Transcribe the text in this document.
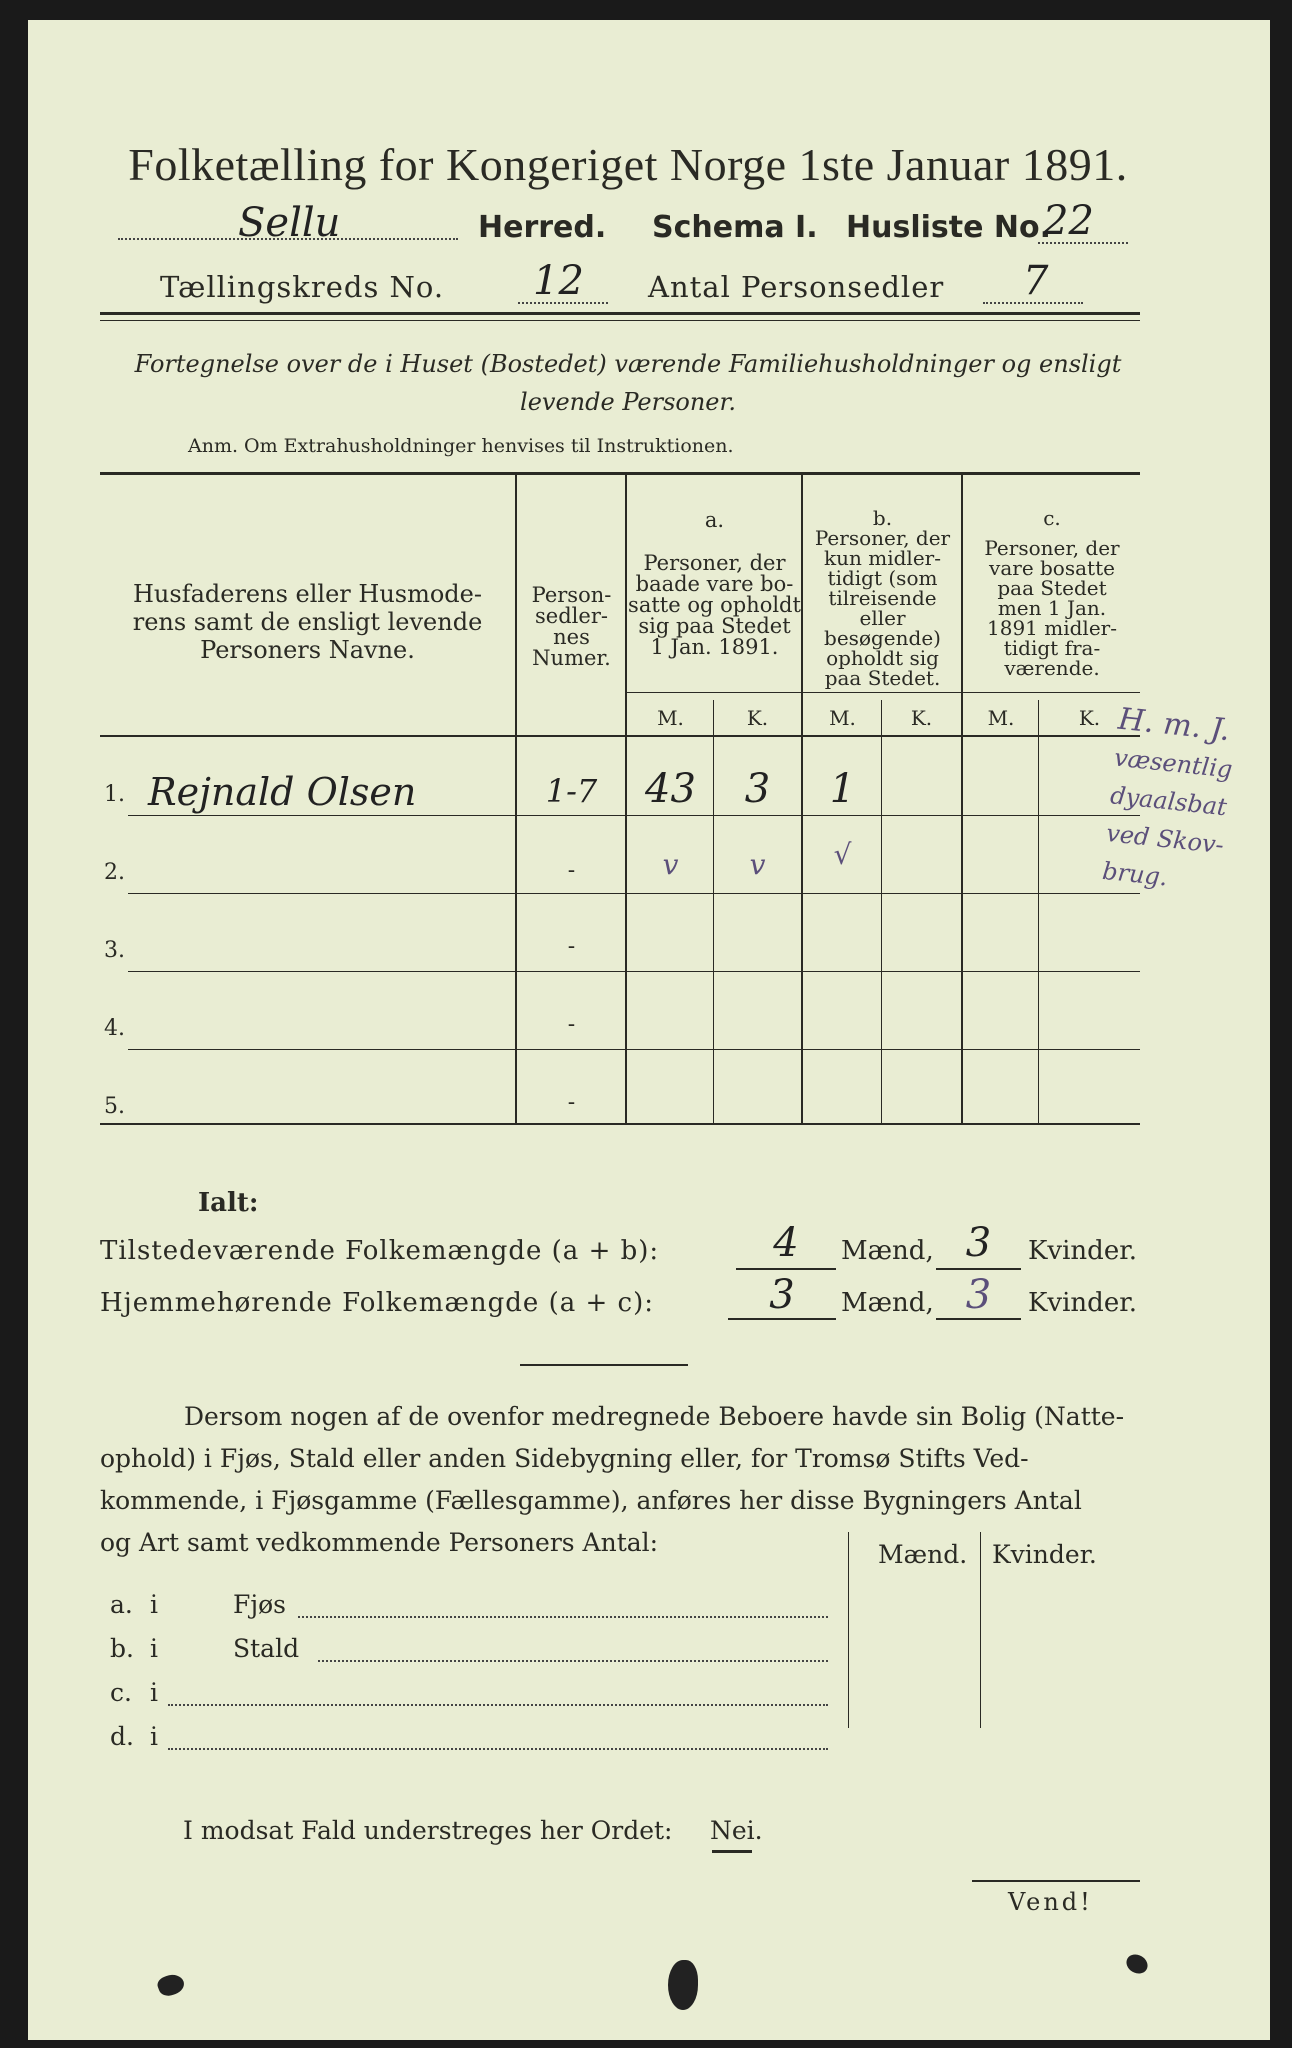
Folketælling for Kongeriget Norge 1ste Januar 1891.
Sellu	Herred. Schema I. Husliste No.
22
Tællingskreds No. 12 Antal Personsedler 7
Fortegnelse over de i Huset (Bostedet) værende Familiehusholdninger og ensligt
levende Personer.
Anm. Om Extrahusholdninger henvises til Instruktionen.
Husfaderens eller Husmode-
rens samt de ensligt levende
Personers Navne.
Person-
sedler-
nes
Numer.
a.
Personer, der
baade vare bo-
satte og opholdt
sig paa Stedet
1 Jan. 1891.
b.
Personer, der
kun midler-
tidigt (som
tilreisende
eller
besøgende)
opholdt sig
paa Stedet.
c.
Personer, der
vare bosatte
paa Stedet
men 1 Jan.
1891 midler-
tidigt fra-
værende.
M.	K.	M.	K.	M.	K.
1. Rejnald Olsen	1-7	43	3	1
2.	-	v	v	√
3.	-
4.	-
5.	-
H. m. J.
væsentlig
dyaalsbat
ved Skov-
brug.
Ialt:
Tilstedeværende Folkemængde (a + b):	4	Mænd, 3	Kvinder.
Hjemmehørende Folkemængde (a + c):	3	Mænd, 3	Kvinder.
Dersom nogen af de ovenfor medregnede Beboere havde sin Bolig (Natte-
ophold) i Fjøs, Stald eller anden Sidebygning eller, for Tromsø Stifts Ved-
kommende, i Fjøsgamme (Fællesgamme), anføres her disse Bygningers Antal
og Art samt vedkommende Personers Antal:	Mænd. Kvinder.
a. i	Fjøs
b. i	Stald
c. i
d. i
I modsat Fald understreges her Ordet: Nei.
Vend!
